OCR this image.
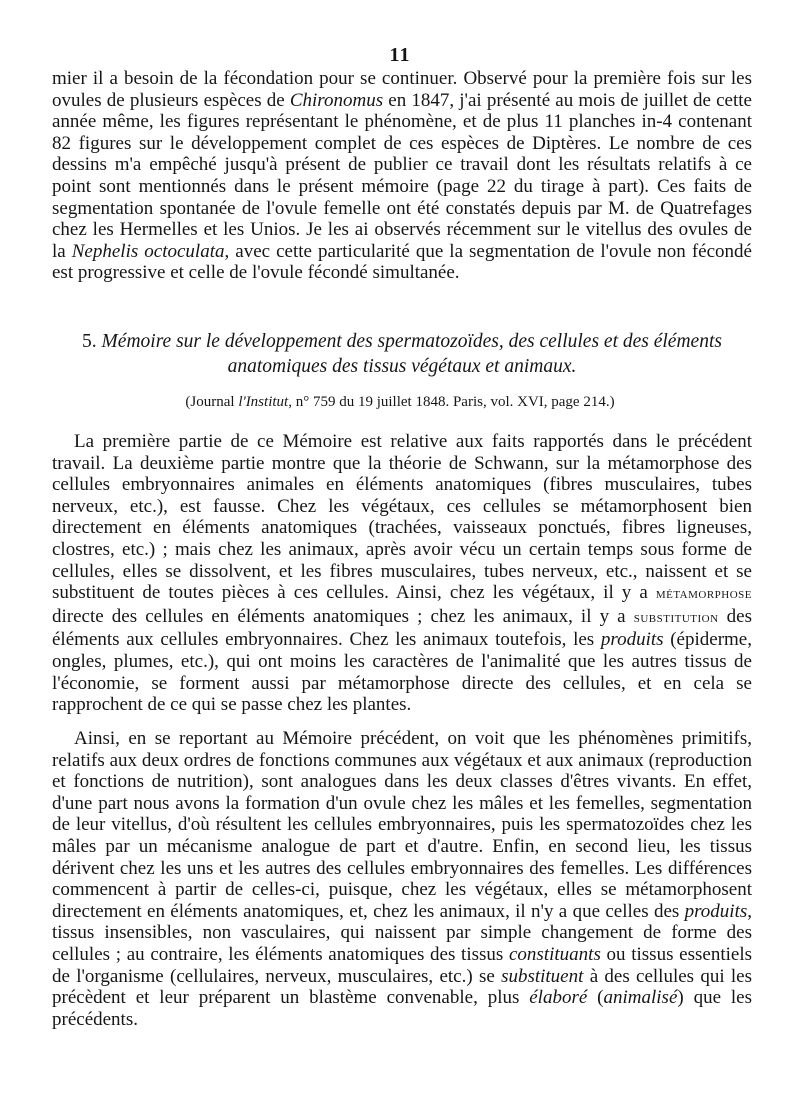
11

mier il a besoin de la fécondation pour se continuer. Observé pour la première fois sur les ovules de plusieurs espèces de Chironomus en 1847, j'ai présenté au mois de juillet de cette année même, les figures représentant le phénomène, et de plus 11 planches in-4 contenant 82 figures sur le développement complet de ces espèces de Diptères. Le nombre de ces dessins m'a empêché jusqu'à présent de publier ce travail dont les résultats relatifs à ce point sont mentionnés dans le présent mémoire (page 22 du tirage à part). Ces faits de segmentation spontanée de l'ovule femelle ont été constatés depuis par M. de Quatrefages chez les Hermelles et les Unios. Je les ai observés récemment sur le vitellus des ovules de la Nephelis octoculata, avec cette particularité que la segmentation de l'ovule non fécondé est progressive et celle de l'ovule fécondé simultanée.

5. Mémoire sur le développement des spermatozoïdes, des cellules et des éléments anatomiques des tissus végétaux et animaux.
(Journal l'Institut, n° 759 du 19 juillet 1848. Paris, vol. XVI, page 214.)

La première partie de ce Mémoire est relative aux faits rapportés dans le précédent travail. La deuxième partie montre que la théorie de Schwann, sur la métamorphose des cellules embryonnaires animales en éléments anatomiques (fibres musculaires, tubes nerveux, etc.), est fausse. Chez les végétaux, ces cellules se métamorphosent bien directement en éléments anatomiques (trachées, vaisseaux ponctués, fibres ligneuses, clostres, etc.) ; mais chez les animaux, après avoir vécu un certain temps sous forme de cellules, elles se dissolvent, et les fibres musculaires, tubes nerveux, etc., naissent et se substituent de toutes pièces à ces cellules. Ainsi, chez les végétaux, il y a métamorphose directe des cellules en éléments anatomiques ; chez les animaux, il y a substitution des éléments aux cellules embryonnaires. Chez les animaux toutefois, les produits (épiderme, ongles, plumes, etc.), qui ont moins les caractères de l'animalité que les autres tissus de l'économie, se forment aussi par métamorphose directe des cellules, et en cela se rapprochent de ce qui se passe chez les plantes.

Ainsi, en se reportant au Mémoire précédent, on voit que les phénomènes primitifs, relatifs aux deux ordres de fonctions communes aux végétaux et aux animaux (reproduction et fonctions de nutrition), sont analogues dans les deux classes d'êtres vivants. En effet, d'une part nous avons la formation d'un ovule chez les mâles et les femelles, segmentation de leur vitellus, d'où résultent les cellules embryonnaires, puis les spermatozoïdes chez les mâles par un mécanisme analogue de part et d'autre. Enfin, en second lieu, les tissus dérivent chez les uns et les autres des cellules embryonnaires des femelles. Les différences commencent à partir de celles-ci, puisque, chez les végétaux, elles se métamorphosent directement en éléments anatomiques, et, chez les animaux, il n'y a que celles des produits, tissus insensibles, non vasculaires, qui naissent par simple changement de forme des cellules ; au contraire, les éléments anatomiques des tissus constituants ou tissus essentiels de l'organisme (cellulaires, nerveux, musculaires, etc.) se substituent à des cellules qui les précèdent et leur préparent un blastème convenable, plus élaboré (animalisé) que les précédents.
